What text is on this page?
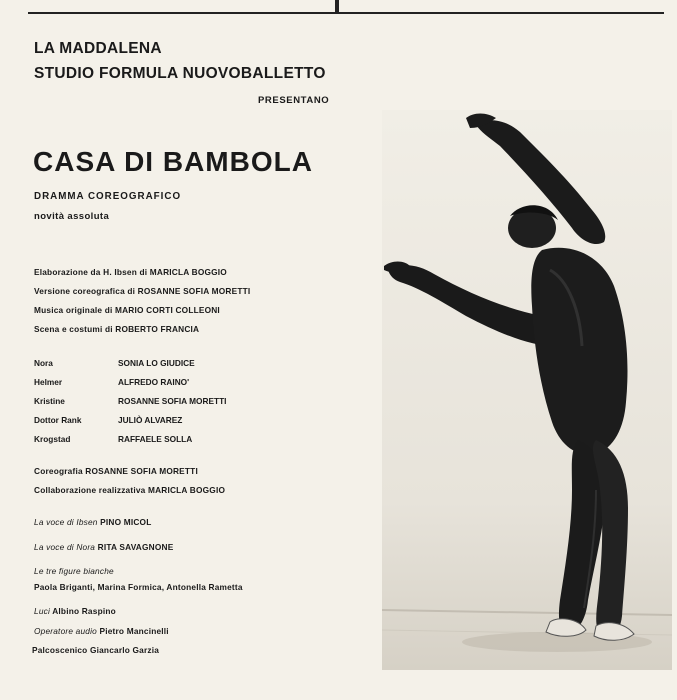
LA MADDALENA
STUDIO FORMULA NUOVOBALLETTO
PRESENTANO
CASA DI BAMBOLA
DRAMMA COREOGRAFICO
novità assoluta
Elaborazione da H. Ibsen di MARICLA BOGGIO
Versione coreografica di ROSANNE SOFIA MORETTI
Musica originale di MARIO CORTI COLLEONI
Scena e costumi di ROBERTO FRANCIA
Nora	SONIA LO GIUDICE
Helmer	ALFREDO RAINO'
Kristine	ROSANNE SOFIA MORETTI
Dottor Rank	JULIÒ ALVAREZ
Krogstad	RAFFAELE SOLLA
Coreografia ROSANNE SOFIA MORETTI
Collaborazione realizzativa MARICLA BOGGIO
La voce di Ibsen PINO MICOL
La voce di Nora RITA SAVAGNONE
Le tre figure bianche
Paola Briganti, Marina Formica, Antonella Rametta
Luci Albino Raspino
Operatore audio Pietro Mancinelli
Palcoscenico Giancarlo Garzia
